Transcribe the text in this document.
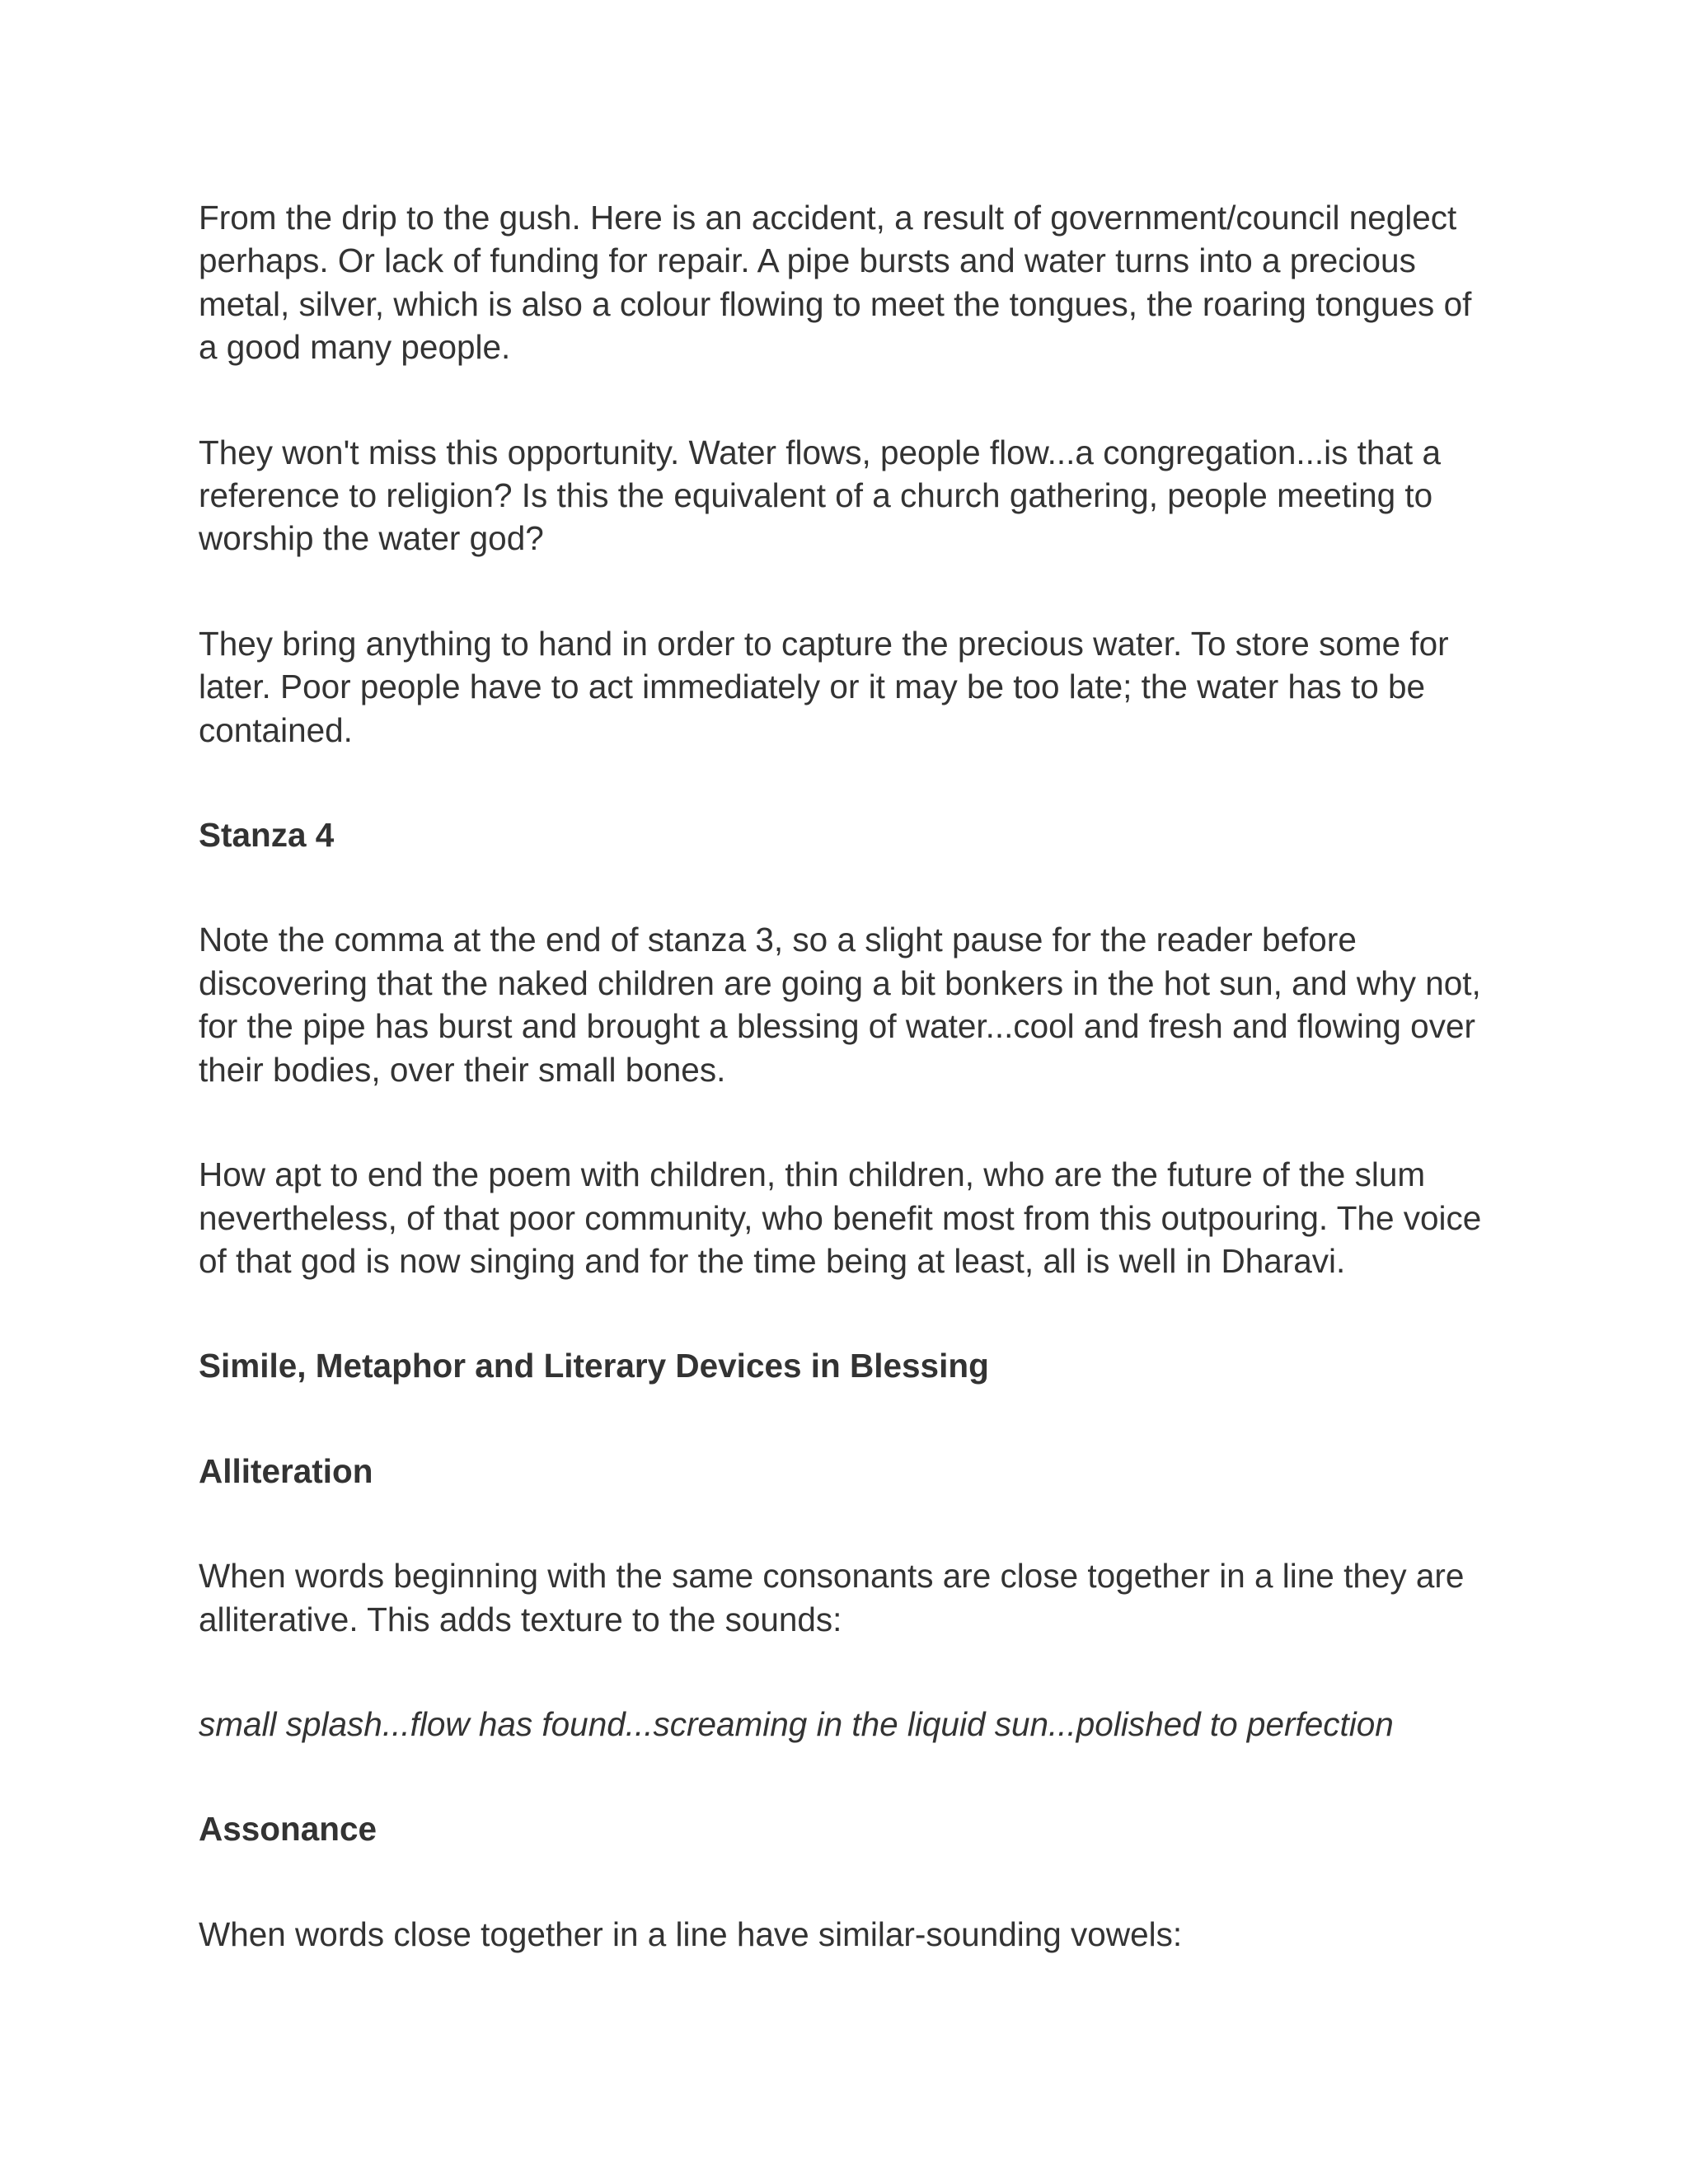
From the drip to the gush. Here is an accident, a result of government/council neglect
perhaps. Or lack of funding for repair. A pipe bursts and water turns into a precious
metal, silver, which is also a colour flowing to meet the tongues, the roaring tongues of
a good many people.
They won't miss this opportunity. Water flows, people flow...a congregation...is that a
reference to religion? Is this the equivalent of a church gathering, people meeting to
worship the water god?
They bring anything to hand in order to capture the precious water. To store some for
later. Poor people have to act immediately or it may be too late; the water has to be
contained.
Stanza 4
Note the comma at the end of stanza 3, so a slight pause for the reader before
discovering that the naked children are going a bit bonkers in the hot sun, and why not,
for the pipe has burst and brought a blessing of water...cool and fresh and flowing over
their bodies, over their small bones.
How apt to end the poem with children, thin children, who are the future of the slum
nevertheless, of that poor community, who benefit most from this outpouring. The voice
of that god is now singing and for the time being at least, all is well in Dharavi.
Simile, Metaphor and Literary Devices in Blessing
Alliteration
When words beginning with the same consonants are close together in a line they are
alliterative. This adds texture to the sounds:
small splash...flow has found...screaming in the liquid sun...polished to perfection
Assonance
When words close together in a line have similar-sounding vowels:
